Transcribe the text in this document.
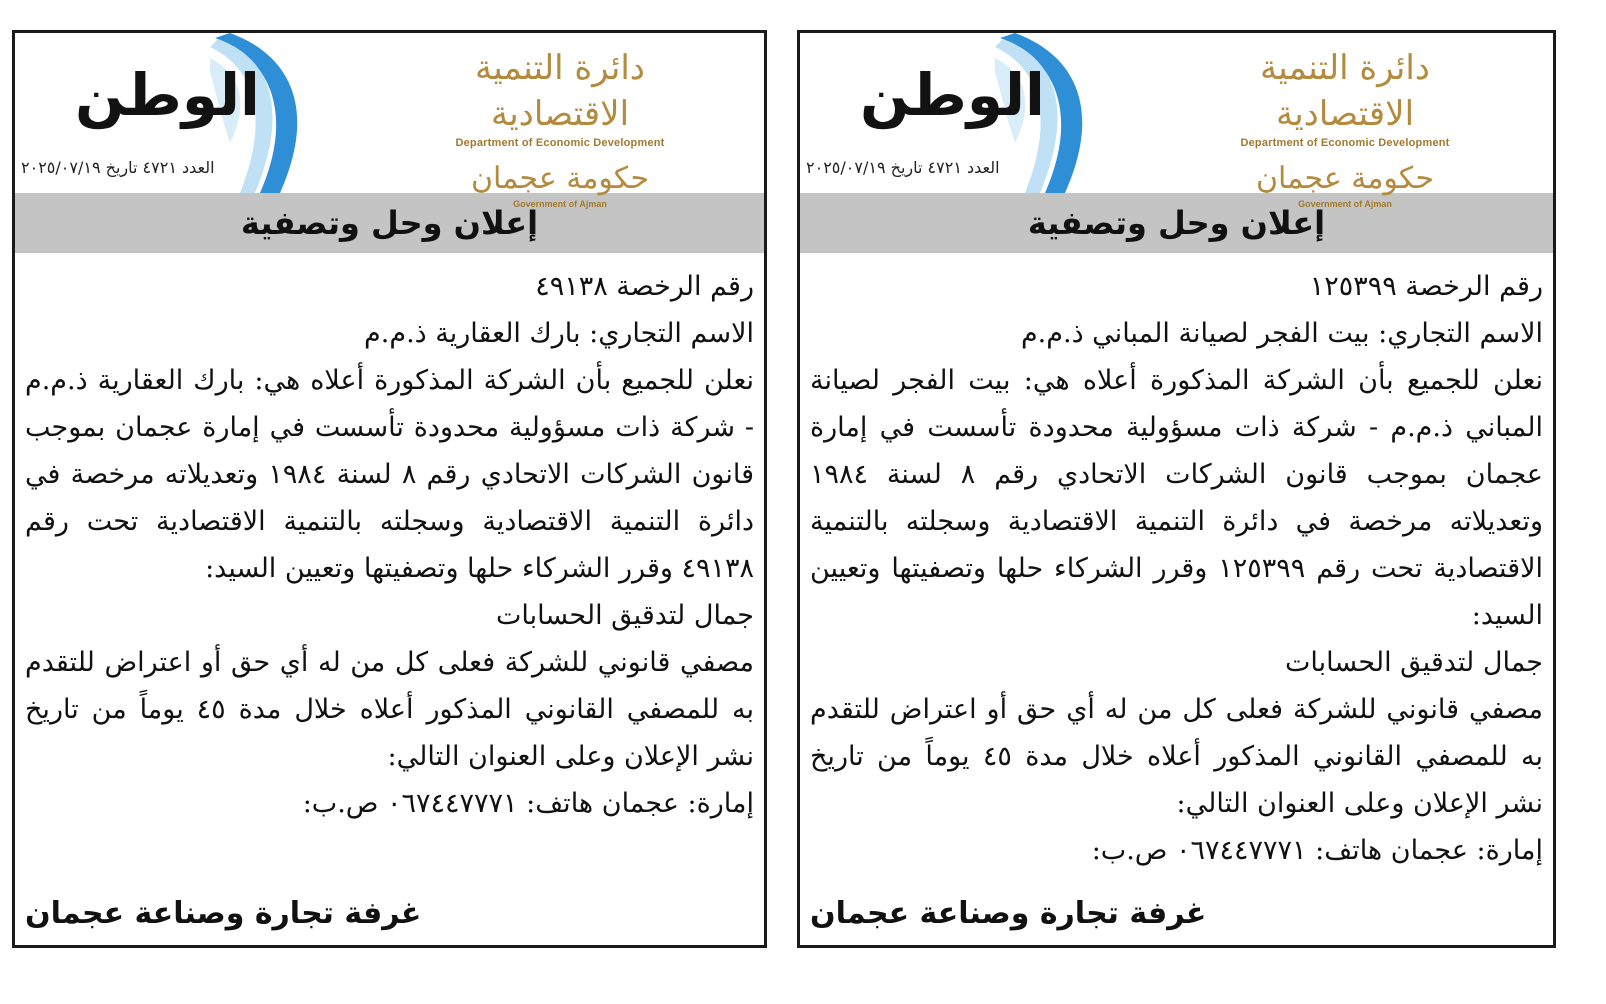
الوطن	دائرة التنمية الاقتصادية
Department of Economic Development
حكومة عجمان
Government of Ajman
العدد ٤٧٢١ تاريخ ٢٠٢٥/٠٧/١٩
إعلان وحل وتصفية

رقم الرخصة ١٢٥٣٩٩

الاسم التجاري: بيت الفجر لصيانة المباني ذ.م.م

نعلن للجميع بأن الشركة المذكورة أعلاه هي: بيت الفجر لصيانة المباني ذ.م.م - شركة ذات مسؤولية محدودة تأسست في إمارة عجمان بموجب قانون الشركات الاتحادي رقم ٨ لسنة ١٩٨٤ وتعديلاته مرخصة في دائرة التنمية الاقتصادية وسجلته بالتنمية الاقتصادية تحت رقم ١٢٥٣٩٩ وقرر الشركاء حلها وتصفيتها وتعيين السيد:

جمال لتدقيق الحسابات

مصفي قانوني للشركة فعلى كل من له أي حق أو اعتراض للتقدم به للمصفي القانوني المذكور أعلاه خلال مدة ٤٥ يوماً من تاريخ نشر الإعلان وعلى العنوان التالي:

إمارة: عجمان هاتف: ٠٦٧٤٤٧٧٧١ ص.ب:

غرفة تجارة وصناعة عجمان
الوطن	دائرة التنمية الاقتصادية
Department of Economic Development
حكومة عجمان
Government of Ajman
العدد ٤٧٢١ تاريخ ٢٠٢٥/٠٧/١٩
إعلان وحل وتصفية

رقم الرخصة ٤٩١٣٨

الاسم التجاري: بارك العقارية ذ.م.م

نعلن للجميع بأن الشركة المذكورة أعلاه هي: بارك العقارية ذ.م.م - شركة ذات مسؤولية محدودة تأسست في إمارة عجمان بموجب قانون الشركات الاتحادي رقم ٨ لسنة ١٩٨٤ وتعديلاته مرخصة في دائرة التنمية الاقتصادية وسجلته بالتنمية الاقتصادية تحت رقم ٤٩١٣٨ وقرر الشركاء حلها وتصفيتها وتعيين السيد:

جمال لتدقيق الحسابات

مصفي قانوني للشركة فعلى كل من له أي حق أو اعتراض للتقدم به للمصفي القانوني المذكور أعلاه خلال مدة ٤٥ يوماً من تاريخ نشر الإعلان وعلى العنوان التالي:

إمارة: عجمان هاتف: ٠٦٧٤٤٧٧٧١ ص.ب:

غرفة تجارة وصناعة عجمان
